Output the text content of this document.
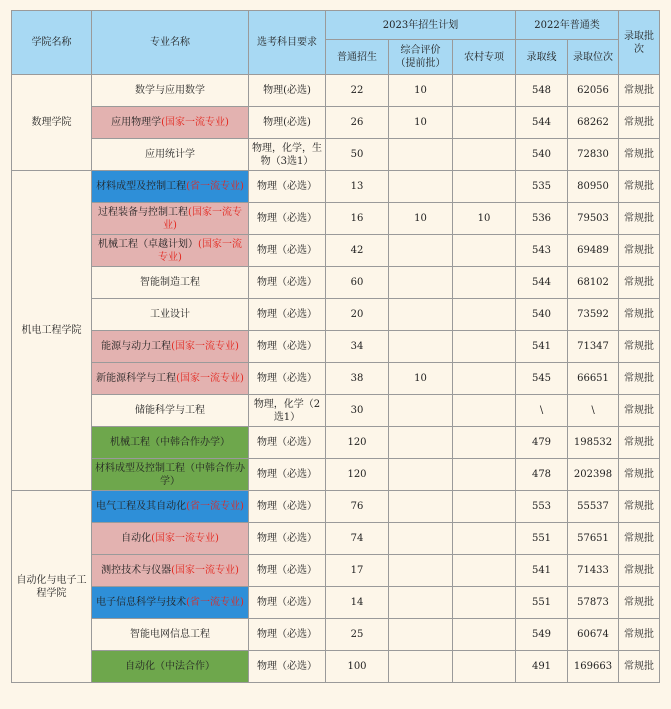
学院名称	专业名称	选考科目要求	2023年招生计划			2022年普通类		录取批次
			普通招生	综合评价（提前批）	农村专项	录取线	录取位次	
数理学院	数学与应用数学	物理(必选)	22	10		548	62056	常规批
	应用物理学(国家一流专业)	物理(必选)	26	10		544	68262	常规批
	应用统计学	物理，化学，生物（3选1）	50			540	72830	常规批
机电工程学院	材料成型及控制工程(省一流专业)	物理（必选）	13			535	80950	常规批
	过程装备与控制工程(国家一流专业)	物理（必选）	16	10	10	536	79503	常规批
	机械工程（卓越计划）(国家一流专业)	物理（必选）	42			543	69489	常规批
	智能制造工程	物理（必选）	60			544	68102	常规批
	工业设计	物理（必选）	20			540	73592	常规批
	能源与动力工程(国家一流专业)	物理（必选）	34			541	71347	常规批
	新能源科学与工程(国家一流专业)	物理（必选）	38	10		545	66651	常规批
	储能科学与工程	物理，化学（2选1）	30			\	\	常规批
	机械工程（中韩合作办学）	物理（必选）	120			479	198532	常规批
	材料成型及控制工程（中韩合作办学）	物理（必选）	120			478	202398	常规批
自动化与电子工程学院	电气工程及其自动化(省一流专业)	物理（必选）	76			553	55537	常规批
	自动化(国家一流专业)	物理（必选）	74			551	57651	常规批
	测控技术与仪器(国家一流专业)	物理（必选）	17			541	71433	常规批
	电子信息科学与技术(省一流专业)	物理（必选）	14			551	57873	常规批
	智能电网信息工程	物理（必选）	25			549	60674	常规批
	自动化（中法合作）	物理（必选）	100			491	169663	常规批
